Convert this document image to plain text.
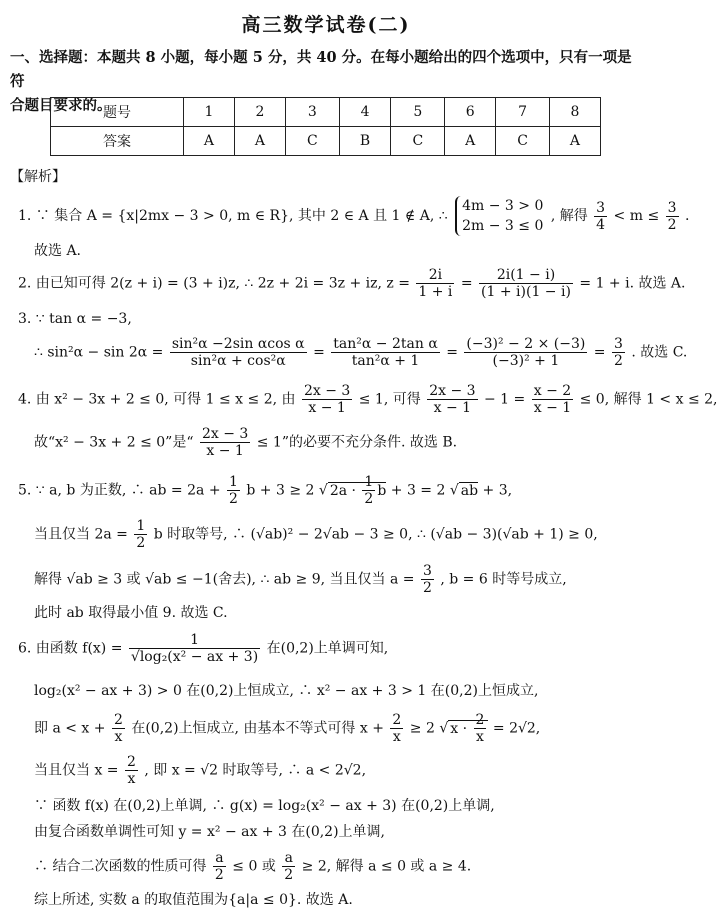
高三数学试卷(二)
一、选择题：本题共 8 小题，每小题 5 分，共 40 分。在每小题给出的四个选项中，只有一项是符
合题目要求的。
题号	1	2	3	4	5	6	7	8
答案	A	A	C	B	C	A	C	A
【解析】
1. ∵ 集合 A = {x|2mx − 3 > 0, m ∈ R}, 其中 2 ∈ A 且 1 ∉ A, ∴
4m − 3 > 0
2m − 3 ≤ 0
, 解得 $\frac{3}{4} < m \le \frac{3}{2}$ .
故选 A.
2. 由已知可得 2(z + i) = (3 + i)z, ∴ 2z + 2i = 3z + iz, $z = \frac{2i}{1 + i} = \frac{2i(1 - i)}{(1 + i)(1 - i)} = 1 + i$. 故选 A.
3. ∵ tan α = −3,
∴ $\sin^2\alpha - \sin 2\alpha = \frac{\text{sin²α −2sin αcos α}}{\text{sin²α + cos²α}} = \frac{\text{tan²α − 2tan α}}{\text{tan²α + 1}} = \frac{\text{(−3)² − 2 × (−3)}}{\text{(−3)² + 1}} = \frac{3}{2}$ . 故选 C.
4. 由 x² − 3x + 2 ≤ 0, 可得 1 ≤ x ≤ 2, 由 $\frac{2x - 3}{x - 1} \le 1$, 可得 $\frac{2x - 3}{x - 1} - 1 = \frac{x - 2}{x - 1} \le 0$, 解得 1 < x ≤ 2,
故“x² − 3x + 2 ≤ 0”是“ $\frac{2x - 3}{x - 1} \le 1$”的必要不充分条件. 故选 B.
5. ∵ a, b 为正数, ∴ ab = $2a + \frac{1}{2}$ b + 3 ≥ 2 √ $2a \cdot \frac{1}{2}$ b + 3 = 2 √ ab + 3,
当且仅当 $2a = \frac{1}{2}$ b 时取等号, ∴ (√ab)² − 2√ab − 3 ≥ 0, ∴ (√ab − 3)(√ab + 1) ≥ 0,
解得 √ab ≥ 3 或 √ab ≤ −1(舍去), ∴ ab ≥ 9, 当且仅当 $a = \frac{3}{2}$ , b = 6 时等号成立,
此时 ab 取得最小值 9. 故选 C.
6. 由函数 $f(x) = \frac{1}{\text{√log₂(x² − ax + 3)}}$ 在(0,2)上单调可知,
log₂(x² − ax + 3) > 0 在(0,2)上恒成立, ∴ x² − ax + 3 > 1 在(0,2)上恒成立,
即 $a < x + \frac{2}{x}$ 在(0,2)上恒成立, 由基本不等式可得 $x + \frac{2}{x} \ge 2$ √ $x \cdot \frac{2}{x} = 2√2$,
当且仅当 $x = \frac{2}{x}$ , 即 x = √2 时取等号, ∴ a < 2√2,
∵ 函数 f(x) 在(0,2)上单调, ∴ g(x) = log₂(x² − ax + 3) 在(0,2)上单调,
由复合函数单调性可知 y = x² − ax + 3 在(0,2)上单调,
∴ 结合二次函数的性质可得 $\frac{a}{2} \le 0$ 或 $\frac{a}{2} \ge 2$, 解得 a ≤ 0 或 a ≥ 4.
综上所述, 实数 a 的取值范围为{a|a ≤ 0}. 故选 A.
